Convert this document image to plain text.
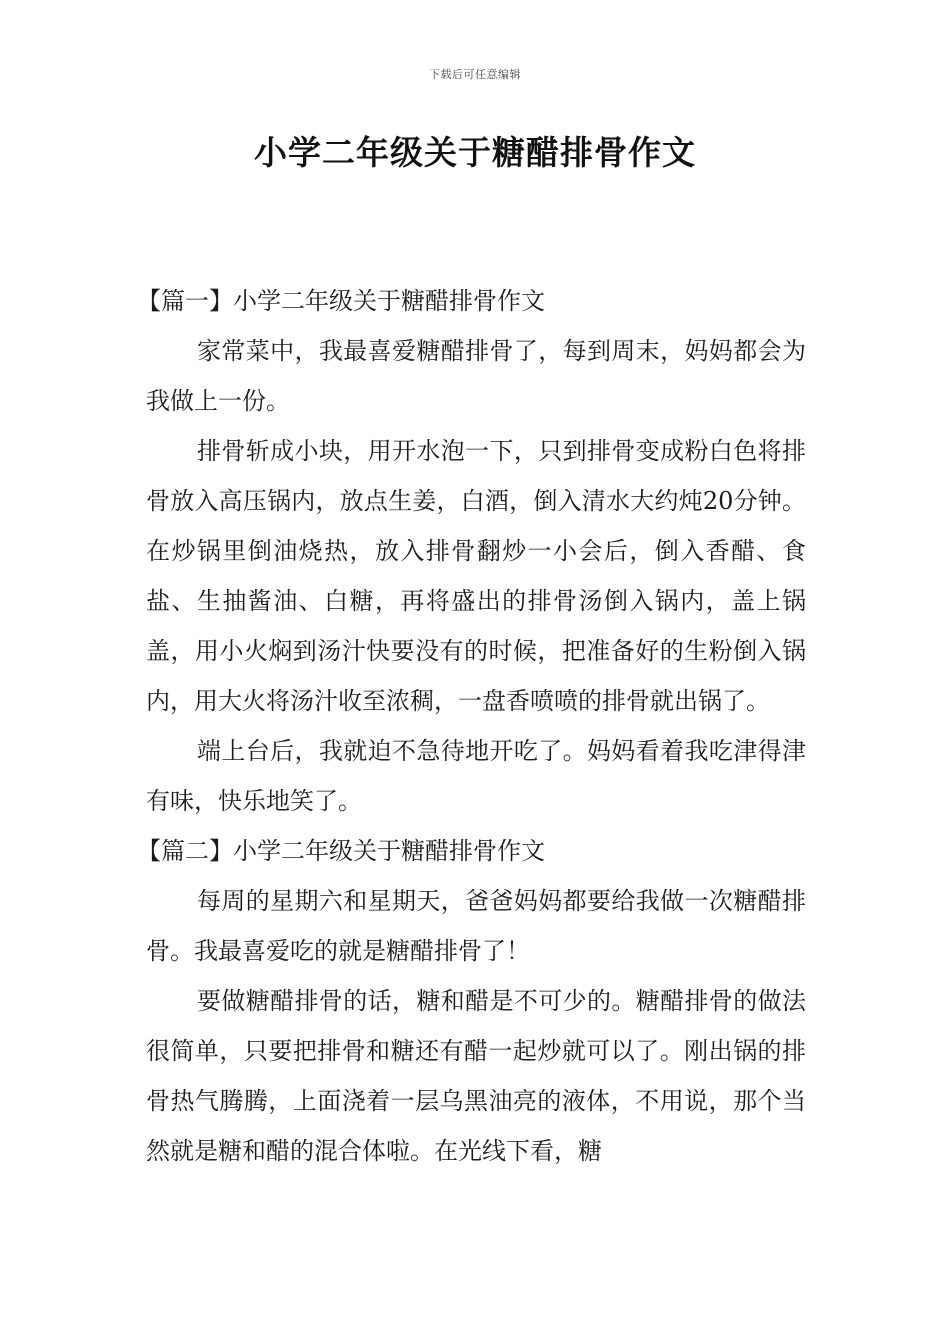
下载后可任意编辑
小学二年级关于糖醋排骨作文

【篇一】小学二年级关于糖醋排骨作文

家常菜中，我最喜爱糖醋排骨了，每到周末，妈妈都会为我做上一份。

排骨斩成小块，用开水泡一下，只到排骨变成粉白色将排骨放入高压锅内，放点生姜，白酒，倒入清水大约炖20分钟。在炒锅里倒油烧热，放入排骨翻炒一小会后，倒入香醋、食盐、生抽酱油、白糖，再将盛出的排骨汤倒入锅内，盖上锅盖，用小火焖到汤汁快要没有的时候，把准备好的生粉倒入锅内，用大火将汤汁收至浓稠，一盘香喷喷的排骨就出锅了。

端上台后，我就迫不急待地开吃了。妈妈看着我吃津得津有味，快乐地笑了。

【篇二】小学二年级关于糖醋排骨作文

每周的星期六和星期天，爸爸妈妈都要给我做一次糖醋排骨。我最喜爱吃的就是糖醋排骨了！

要做糖醋排骨的话，糖和醋是不可少的。糖醋排骨的做法很简单，只要把排骨和糖还有醋一起炒就可以了。刚出锅的排骨热气腾腾，上面浇着一层乌黑油亮的液体，不用说，那个当然就是糖和醋的混合体啦。在光线下看，糖
